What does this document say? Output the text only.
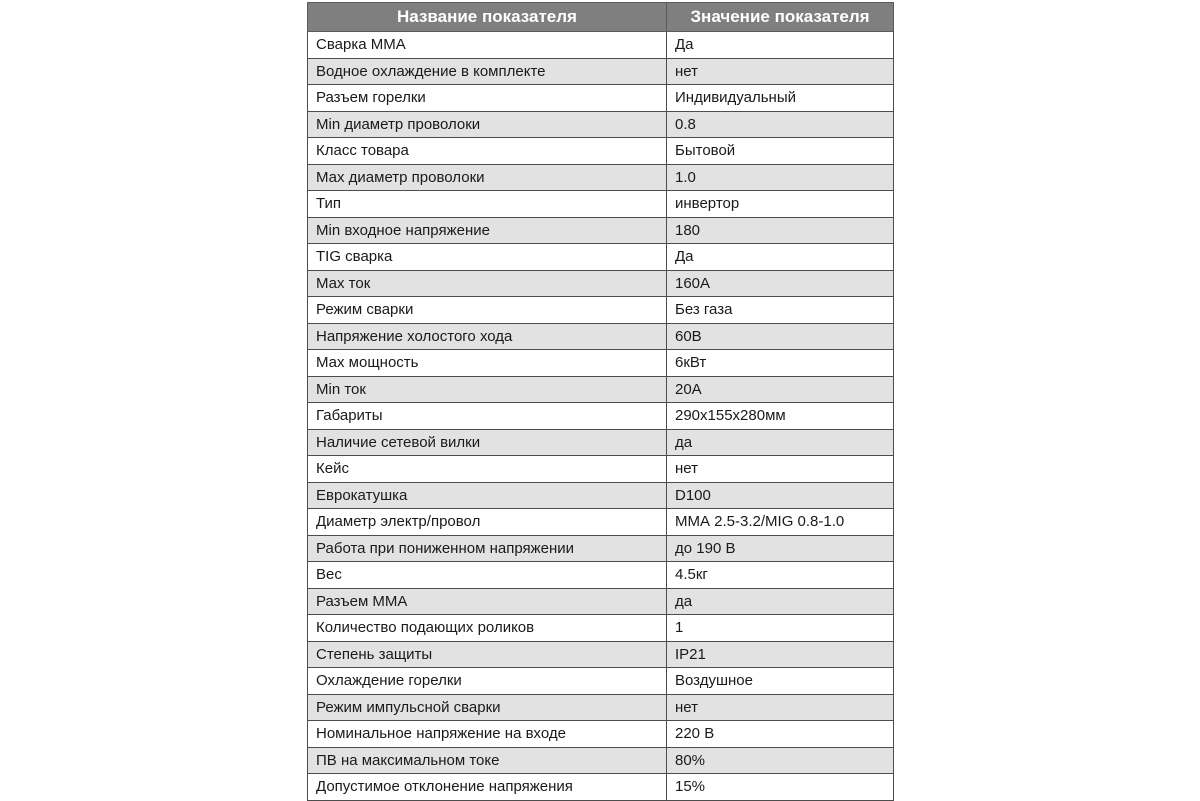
Название показателя	Значение показателя
Сварка ММА	Да
Водное охлаждение в комплекте	нет
Разъем горелки	Индивидуальный
Min диаметр проволоки	0.8
Класс товара	Бытовой
Мах диаметр проволоки	1.0
Тип	инвертор
Min входное напряжение	180
TIG сварка	Да
Мах ток	160А
Режим сварки	Без газа
Напряжение холостого хода	60В
Мах мощность	6кВт
Min ток	20А
Габариты	290х155х280мм
Наличие сетевой вилки	да
Кейс	нет
Еврокатушка	D100
Диаметр электр/провол	ММА 2.5-3.2/MIG 0.8-1.0
Работа при пониженном напряжении	до 190 В
Вес	4.5кг
Разъем ММА	да
Количество подающих роликов	1
Степень защиты	IP21
Охлаждение горелки	Воздушное
Режим импульсной сварки	нет
Номинальное напряжение на входе	220 В
ПВ на максимальном токе	80%
Допустимое отклонение напряжения	15%
